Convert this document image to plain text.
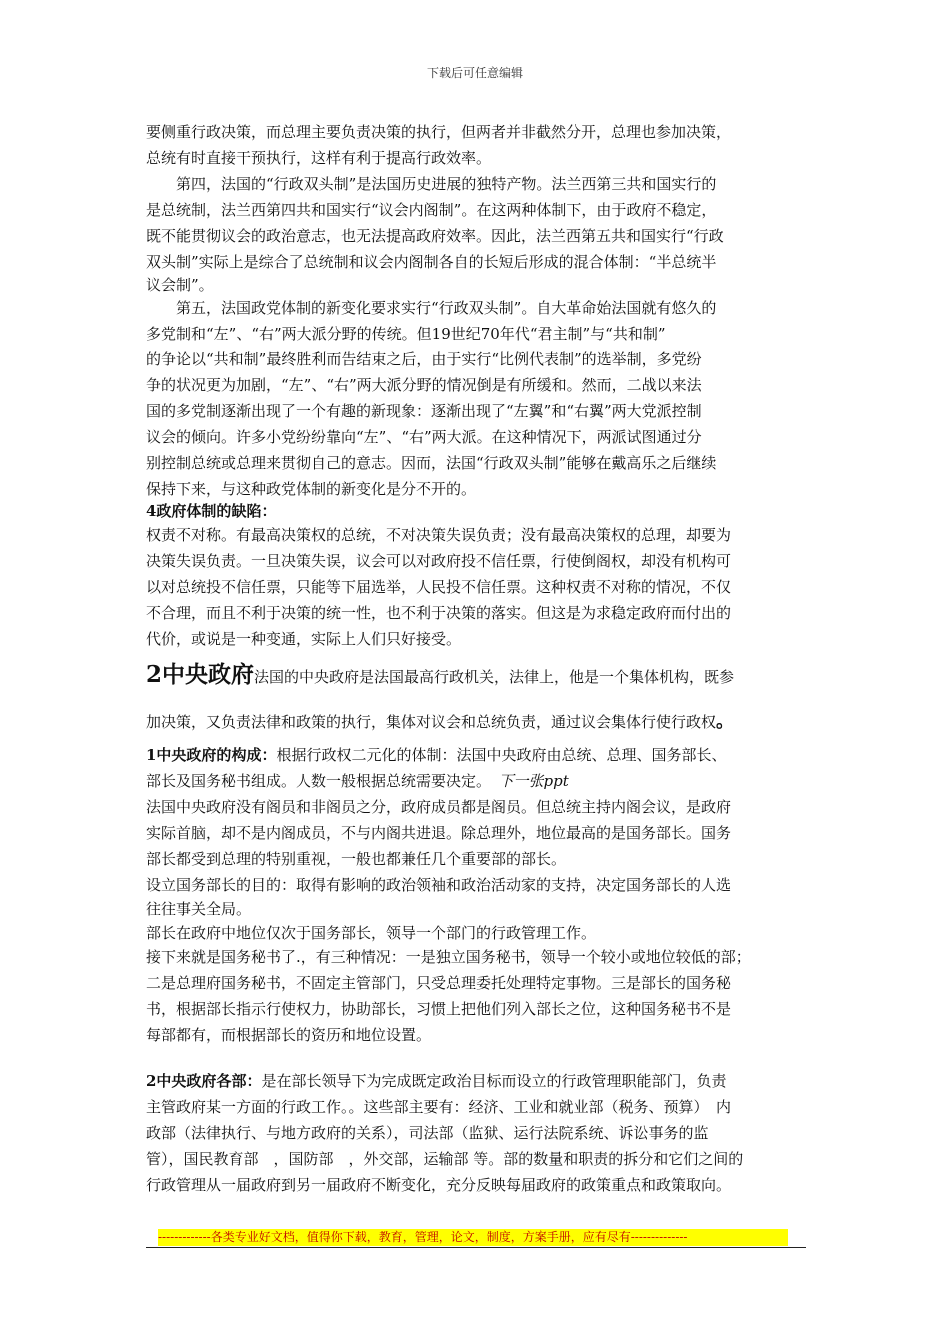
下载后可任意编辑
要侧重行政决策，而总理主要负责决策的执行，但两者并非截然分开，总理也参加决策，
总统有时直接干预执行，这样有利于提高行政效率。
　　第四，法国的“行政双头制”是法国历史进展的独特产物。法兰西第三共和国实行的
是总统制，法兰西第四共和国实行“议会内阁制”。在这两种体制下，由于政府不稳定，
既不能贯彻议会的政治意志，也无法提高政府效率。因此，法兰西第五共和国实行“行政
双头制”实际上是综合了总统制和议会内阁制各自的长短后形成的混合体制：“半总统半
议会制”。
　　第五，法国政党体制的新变化要求实行“行政双头制”。自大革命始法国就有悠久的
多党制和“左”、“右”两大派分野的传统。但19世纪70年代“君主制”与“共和制”
的争论以“共和制”最终胜利而告结束之后，由于实行“比例代表制”的选举制，多党纷
争的状况更为加剧，“左”、“右”两大派分野的情况倒是有所缓和。然而，二战以来法
国的多党制逐渐出现了一个有趣的新现象：逐渐出现了“左翼”和“右翼”两大党派控制
议会的倾向。许多小党纷纷靠向“左”、“右”两大派。在这种情况下，两派试图通过分
别控制总统或总理来贯彻自己的意志。因而，法国“行政双头制”能够在戴高乐之后继续
保持下来，与这种政党体制的新变化是分不开的。
4政府体制的缺陷：
权责不对称。有最高决策权的总统，不对决策失误负责；没有最高决策权的总理，却要为
决策失误负责。一旦决策失误，议会可以对政府投不信任票，行使倒阁权，却没有机构可
以对总统投不信任票，只能等下届选举，人民投不信任票。这种权责不对称的情况，不仅
不合理，而且不利于决策的统一性，也不利于决策的落实。但这是为求稳定政府而付出的
代价，或说是一种变通，实际上人们只好接受。
2中央政府法国的中央政府是法国最高行政机关，法律上，他是一个集体机构，既参
加决策，又负责法律和政策的执行，集体对议会和总统负责，通过议会集体行使行政权。
1中央政府的构成：根据行政权二元化的体制：法国中央政府由总统、总理、国务部长、
部长及国务秘书组成。人数一般根据总统需要决定。　下一张ppt
法国中央政府没有阁员和非阁员之分，政府成员都是阁员。但总统主持内阁会议，是政府
实际首脑，却不是内阁成员，不与内阁共进退。除总理外，地位最高的是国务部长。国务
部长都受到总理的特别重视，一般也都兼任几个重要部的部长。
设立国务部长的目的：取得有影响的政治领袖和政治活动家的支持，决定国务部长的人选
往往事关全局。
部长在政府中地位仅次于国务部长，领导一个部门的行政管理工作。
接下来就是国务秘书了.，有三种情况：一是独立国务秘书，领导一个较小或地位较低的部；
二是总理府国务秘书，不固定主管部门，只受总理委托处理特定事物。三是部长的国务秘
书，根据部长指示行使权力，协助部长，习惯上把他们列入部长之位，这种国务秘书不是
每部都有，而根据部长的资历和地位设置。
2中央政府各部：是在部长领导下为完成既定政治目标而设立的行政管理职能部门，负责
主管政府某一方面的行政工作。。这些部主要有：经济、工业和就业部（税务、预算）　内
政部（法律执行、与地方政府的关系），司法部（监狱、运行法院系统、诉讼事务的监
管），国民教育部　，国防部　，外交部，运输部 等。部的数量和职责的拆分和它们之间的
行政管理从一届政府到另一届政府不断变化，充分反映每届政府的政策重点和政策取向。
-------------各类专业好文档，值得你下载，教育，管理，论文，制度，方案手册，应有尽有--------------
